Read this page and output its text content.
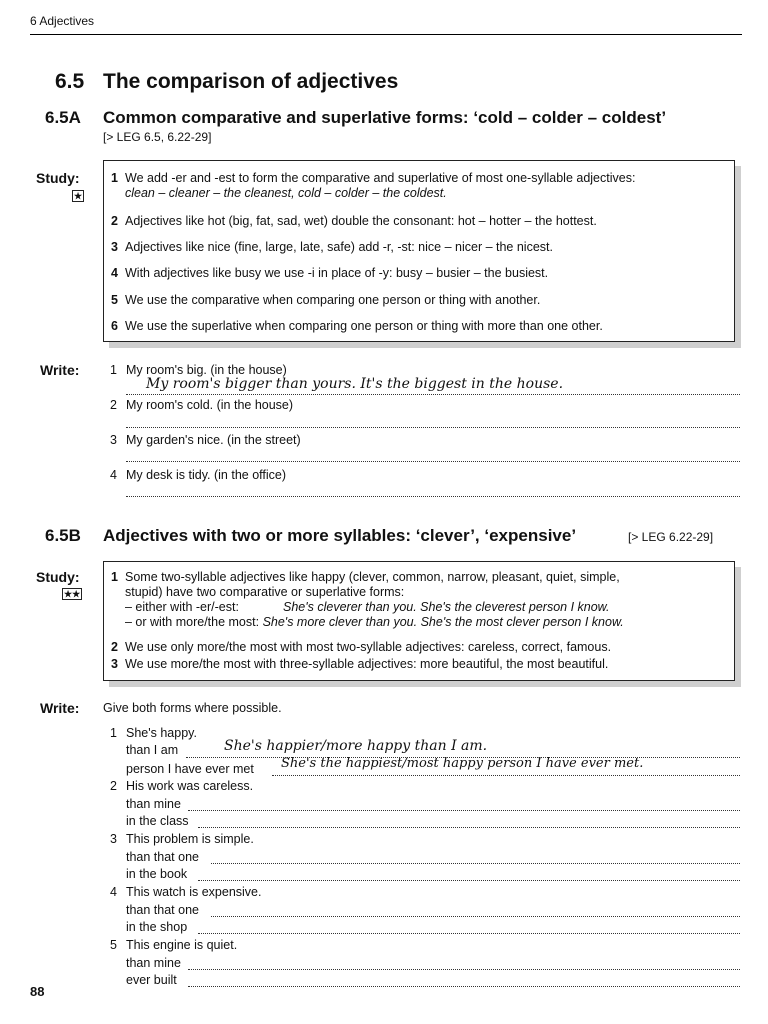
6 Adjectives
6.5 The comparison of adjectives
6.5A Common comparative and superlative forms: ‘cold – colder – coldest’
[> LEG 6.5, 6.22-29]
Study:
★
1 We add -er and -est to form the comparative and superlative of most one-syllable adjectives:
clean – cleaner – the cleanest, cold – colder – the coldest.
2 Adjectives like hot (big, fat, sad, wet) double the consonant: hot – hotter – the hottest.
3 Adjectives like nice (fine, large, late, safe) add -r, -st: nice – nicer – the nicest.
4 With adjectives like busy we use -i in place of -y: busy – busier – the busiest.
5 We use the comparative when comparing one person or thing with another.
6 We use the superlative when comparing one person or thing with more than one other.
Write: 1 My room's big. (in the house)
My room's bigger than yours. It's the biggest in the house.
2 My room's cold. (in the house)
3 My garden's nice. (in the street)
4 My desk is tidy. (in the office)
6.5B Adjectives with two or more syllables: ‘clever’, ‘expensive’	[> LEG 6.22-29]
Study:
★★
1 Some two-syllable adjectives like happy (clever, common, narrow, pleasant, quiet, simple,
stupid) have two comparative or superlative forms:
– either with -er/-est:	She's cleverer than you. She's the cleverest person I know.
– or with more/the most: She's more clever than you. She's the most clever person I know.
2 We use only more/the most with most two-syllable adjectives: careless, correct, famous.
3 We use more/the most with three-syllable adjectives: more beautiful, the most beautiful.
Write: Give both forms where possible.
1 She's happy.
than I am	She's happier/more happy than I am.
person I have ever met She's the happiest/most happy person I have ever met.
2 His work was careless.
than mine
in the class
3 This problem is simple.
than that one
in the book
4 This watch is expensive.
than that one
in the shop
5 This engine is quiet.
than mine
ever built
88
